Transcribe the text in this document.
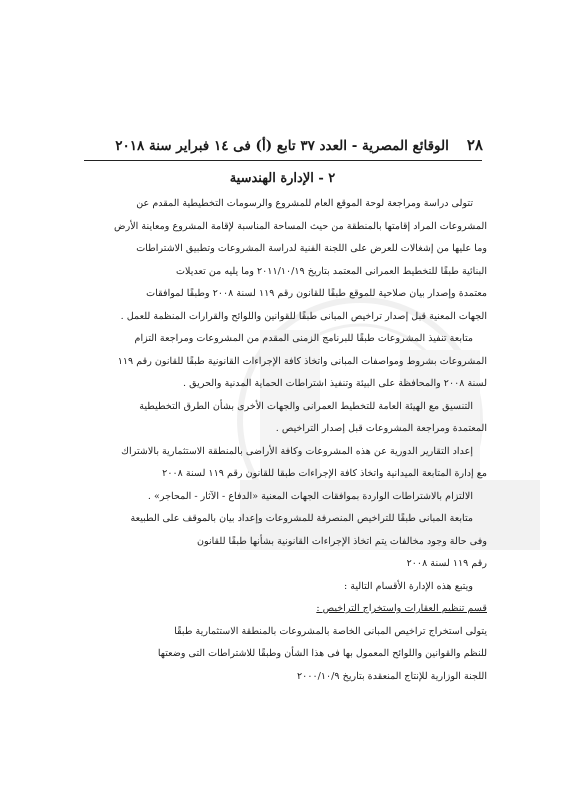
٢٨
الوقائع المصرية - العدد ٣٧ تابع (أ) فى ١٤ فبراير سنة ٢٠١٨
٢ - الإدارة الهندسية
تتولى دراسة ومراجعة لوحة الموقع العام للمشروع والرسومات التخطيطية المقدم عن
المشروعات المراد إقامتها بالمنطقة من حيث المساحة المناسبة لإقامة المشروع ومعاينة الأرض
وما عليها من إشغالات للعرض على اللجنة الفنية لدراسة المشروعات وتطبيق الاشتراطات
البنائية طبقًا للتخطيط العمرانى المعتمد بتاريخ ٢٠١١/١٠/١٩ وما يليه من تعديلات
معتمدة وإصدار بيان صلاحية للموقع طبقًا للقانون رقم ١١٩ لسنة ٢٠٠٨ وطبقًا لموافقات
الجهات المعنية قبل إصدار تراخيص المبانى طبقًا للقوانين واللوائح والقرارات المنظمة للعمل .
متابعة تنفيذ المشروعات طبقًا للبرنامج الزمنى المقدم من المشروعات ومراجعة التزام
المشروعات بشروط ومواصفات المبانى واتخاذ كافة الإجراءات القانونية طبقًا للقانون رقم ١١٩
لسنة ٢٠٠٨ والمحافظة على البيئة وتنفيذ اشتراطات الحماية المدنية والحريق .
التنسيق مع الهيئة العامة للتخطيط العمرانى والجهات الأخرى بشأن الطرق التخطيطية
المعتمدة ومراجعة المشروعات قبل إصدار التراخيص .
إعداد التقارير الدورية عن هذه المشروعات وكافة الأراضى بالمنطقة الاستثمارية بالاشتراك
مع إدارة المتابعة الميدانية واتخاذ كافة الإجراءات طبقا للقانون رقم ١١٩ لسنة ٢٠٠٨
الالتزام بالاشتراطات الواردة بموافقات الجهات المعنية «الدفاع - الآثار - المحاجر» .
متابعة المبانى طبقًا للتراخيص المنصرفة للمشروعات وإعداد بيان بالموقف على الطبيعة
وفى حالة وجود مخالفات يتم اتخاذ الإجراءات القانونية بشأنها طبقًا للقانون
رقم ١١٩ لسنة ٢٠٠٨
ويتبع هذه الإدارة الأقسام التالية :
قسم تنظيم العقارات واستخراج التراخيص :
يتولى استخراج تراخيص المبانى الخاصة بالمشروعات بالمنطقة الاستثمارية طبقًا
للنظم والقوانين واللوائح المعمول بها فى هذا الشأن وطبقًا للاشتراطات التى وضعتها
اللجنة الوزارية للإنتاج المنعقدة بتاريخ ٢٠٠٠/١٠/٩
